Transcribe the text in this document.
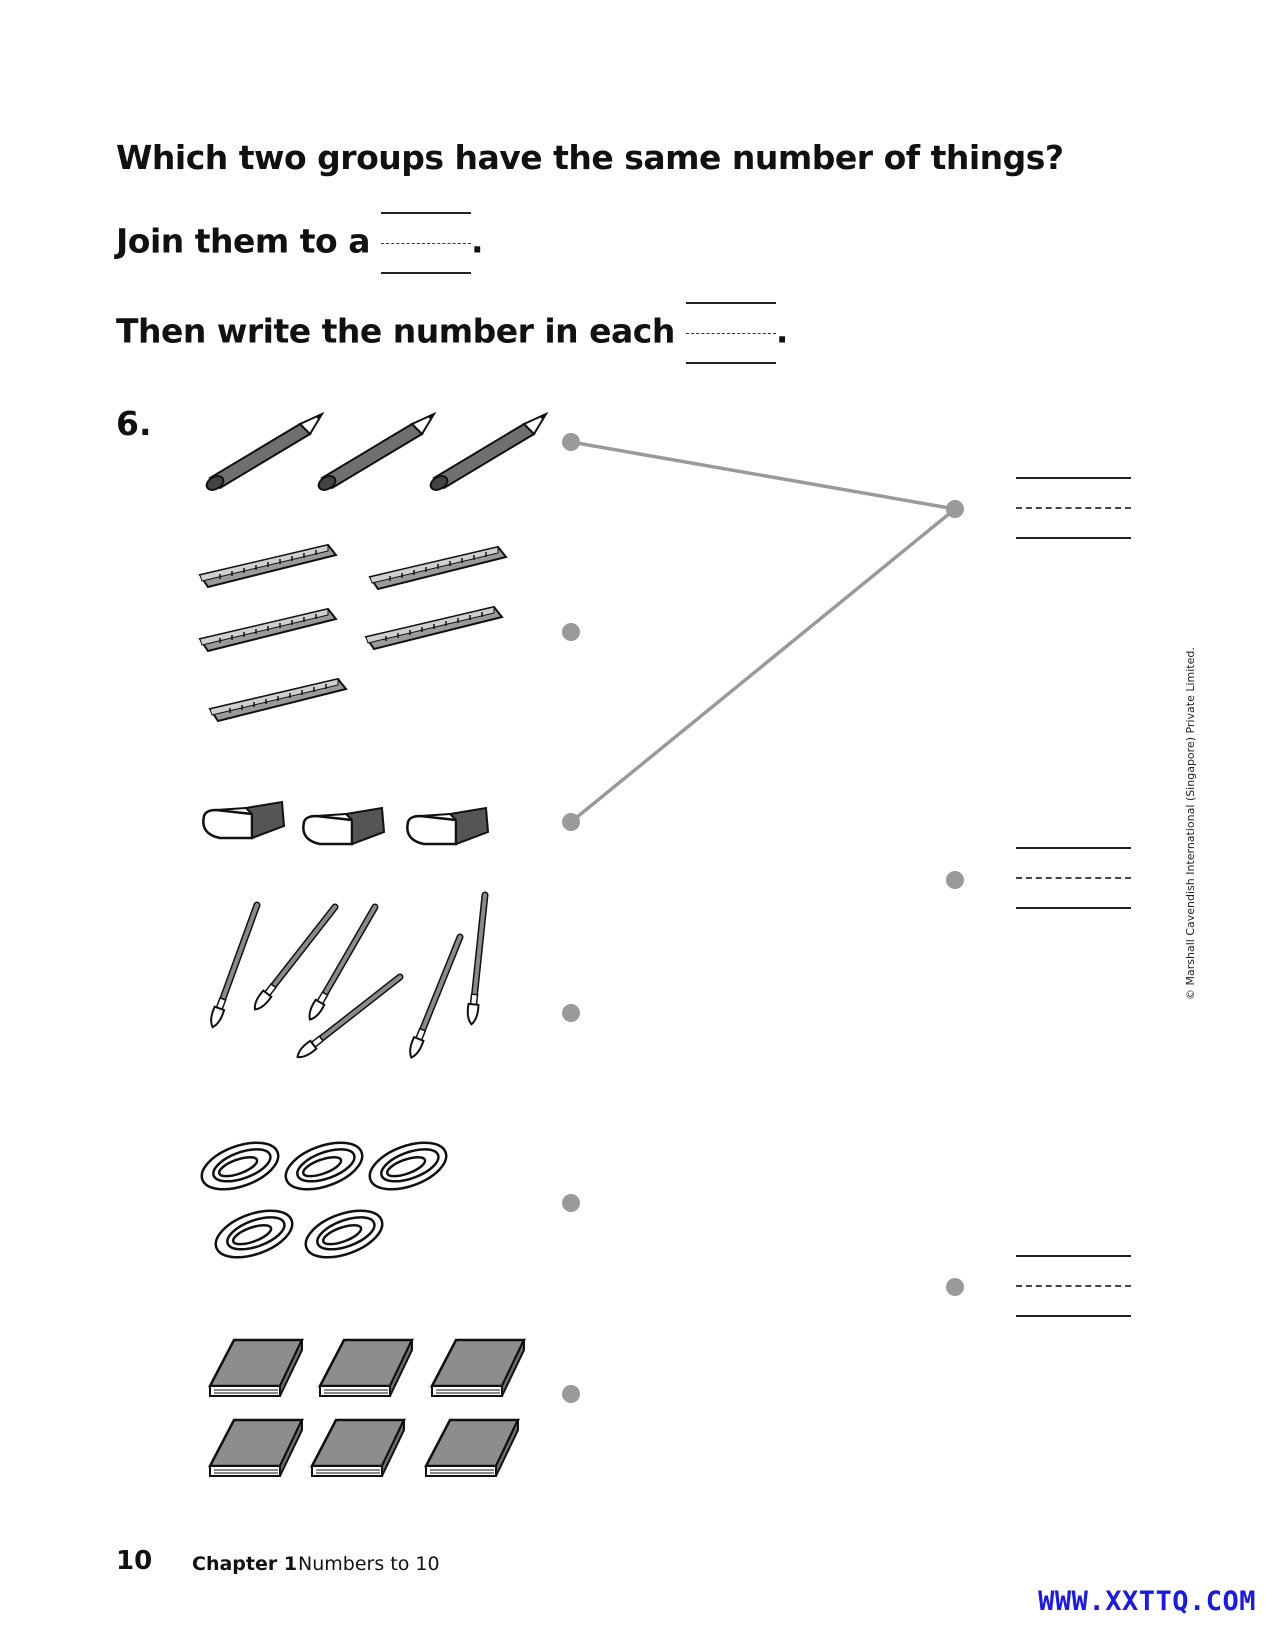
Which two groups have the same number of things?
Join them to a	.
Then write the number in each	.
6.
© Marshall Cavendish International (Singapore) Private Limited.
10 Chapter 1 Numbers to 10
WWW.XXTTQ.COM
